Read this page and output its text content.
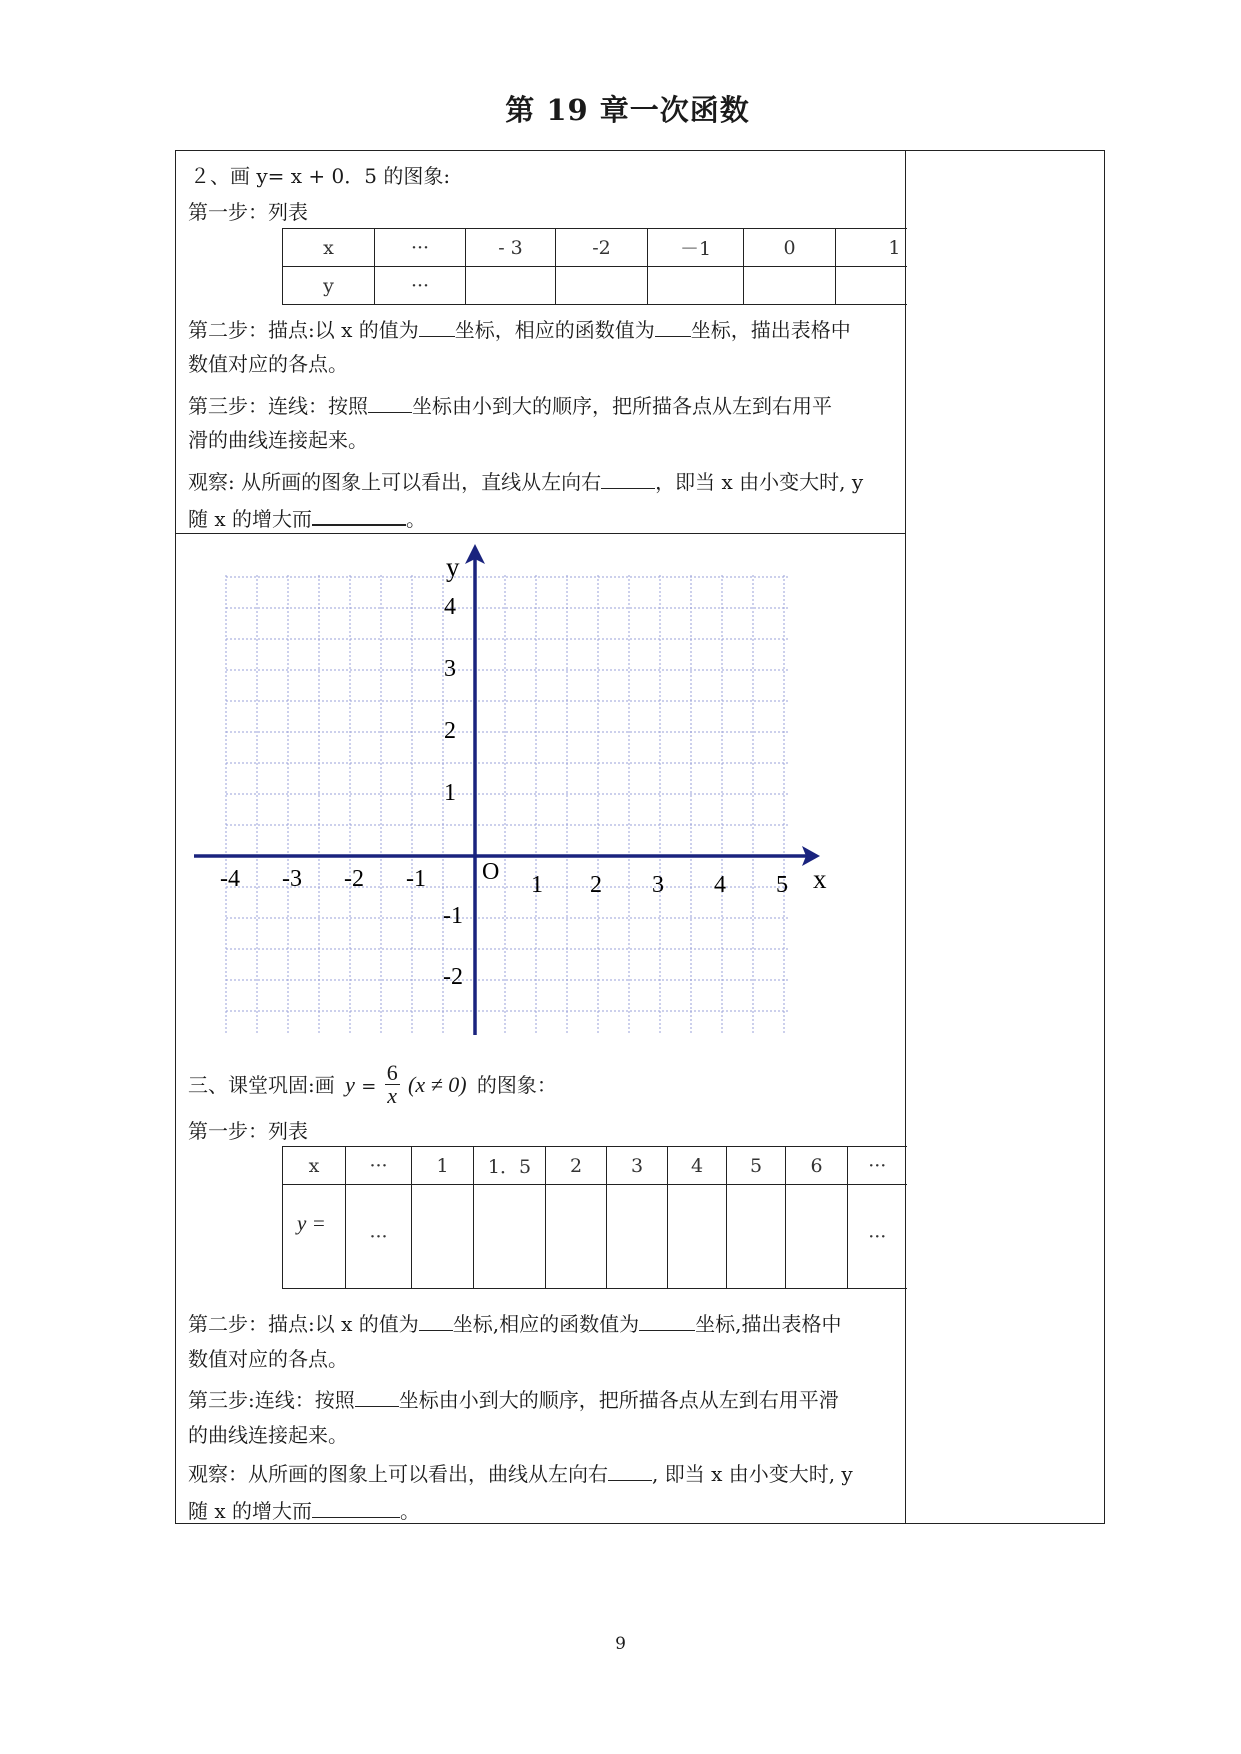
第 19 章一次函数
２、画 y= x + 0．5 的图象:
第一步：列表
x	···	- 3	-2	－1	0	1
y	···					
第二步：描点:以 x 的值为 坐标，相应的函数值为 坐标，描出表格中
数值对应的各点。
第三步：连线：按照 坐标由小到大的顺序，把所描各点从左到右用平
滑的曲线连接起来。
观察: 从所画的图象上可以看出，直线从左向右	，即当 x 由小变大时, y
随 x 的增大而	。
y
x
O
-4 -3 -2 -1	1 2 3 4 5
4
3
2
1
-1
-2
三、课堂巩固:画 $y = \frac{6}{x} (x \ne 0)$ 的图象：
第一步：列表
x	···	1	1．5	2	3	4	5	6	···
y =	···								···
第二步：描点:以 x 的值为 坐标,相应的函数值为	坐标,描出表格中
数值对应的各点。
第三步:连线：按照 坐标由小到大的顺序，把所描各点从左到右用平滑
的曲线连接起来。
观察：从所画的图象上可以看出，曲线从左向右 , 即当 x 由小变大时, y
随 x 的增大而	。
9
